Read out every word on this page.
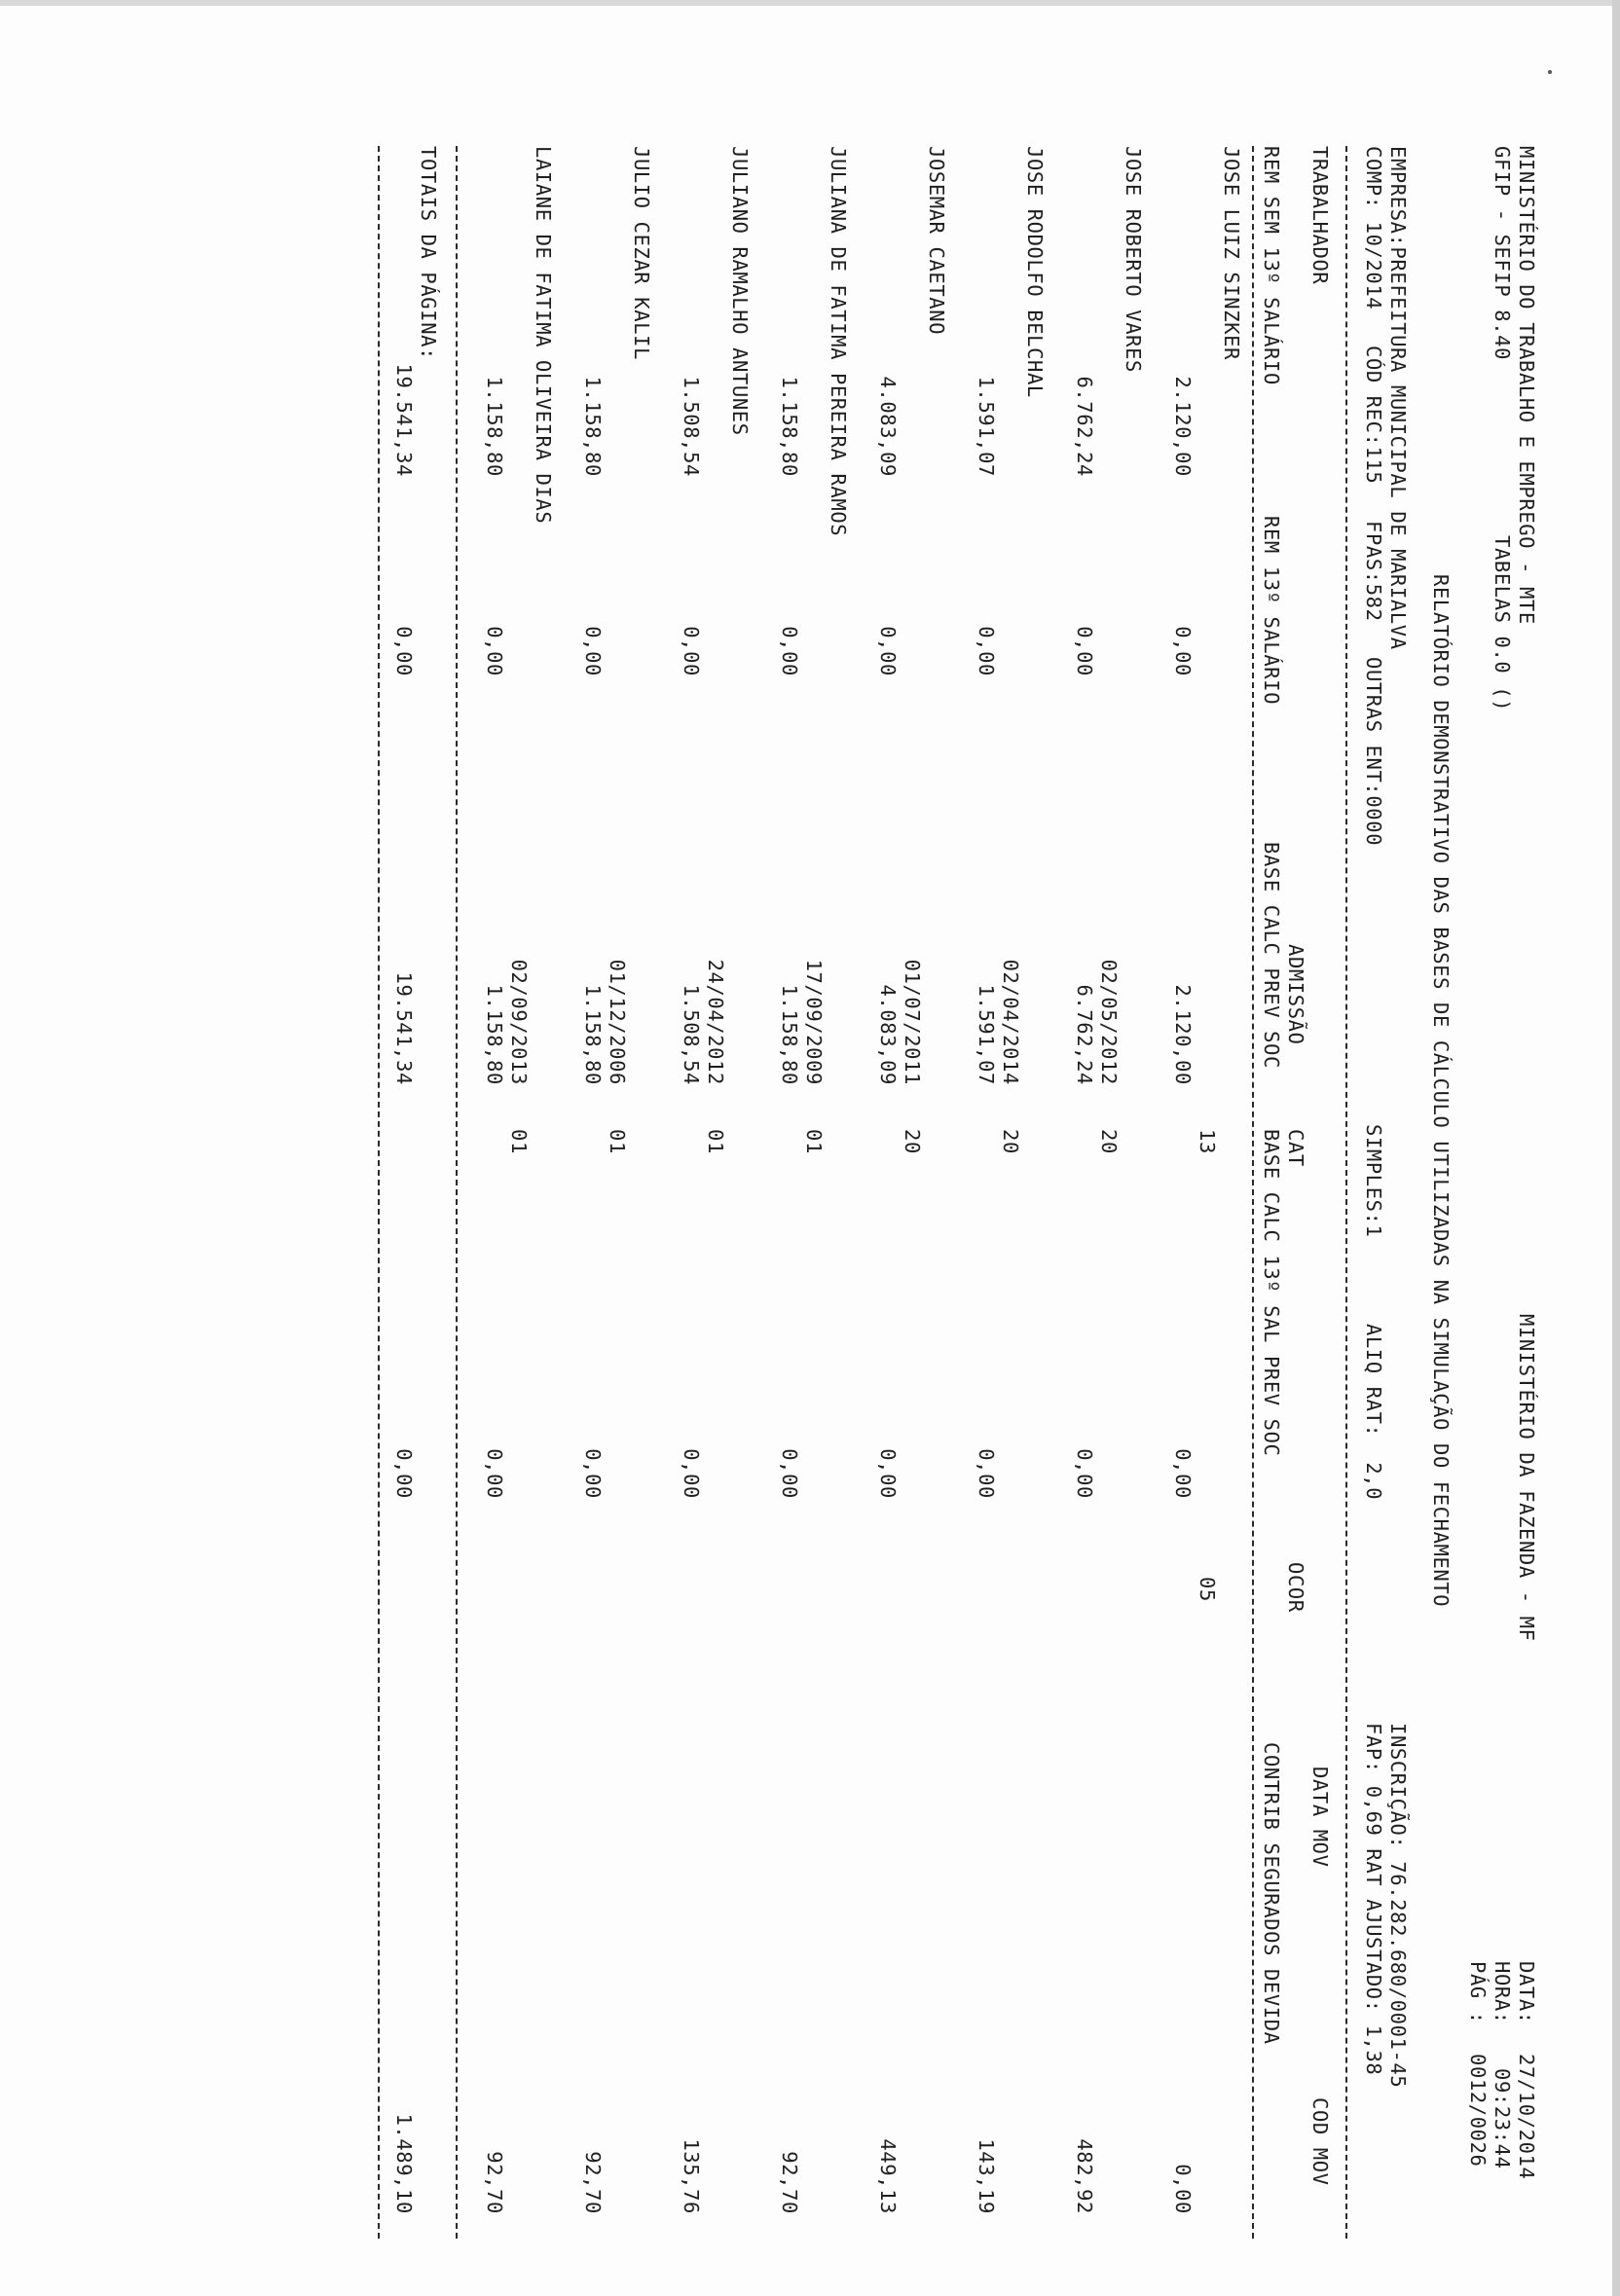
MINISTÉRIO DO TRABALHO E EMPREGO - MTE
MINISTÉRIO DA FAZENDA - MF
DATA:
27/10/2014
GFIP - SEFIP 8.40
TABELAS 0.0 ()
HORA:
09:23:44
PÁG :
0012/0026
RELATÓRIO DEMONSTRATIVO DAS BASES DE CÁLCULO UTILIZADAS NA SIMULAÇÃO DO FECHAMENTO
EMPRESA:PREFEITURA MUNICIPAL DE MARIALVA
INSCRIÇÃO: 76.282.680/0001-45
COMP: 10/2014
CÓD REC:115
FPAS:582
OUTRAS ENT:0000
SIMPLES:1
ALIQ RAT:  2,0
FAP: 0,69 RAT AJUSTADO: 1,38
TRABALHADOR
ADMISSÃO
CAT
OCOR
DATA MOV
COD MOV
REM SEM 13º SALÁRIO
REM 13º SALÁRIO
BASE CALC PREV SOC
BASE CALC 13º SAL PREV SOC
CONTRIB SEGURADOS DEVIDA
JOSE LUIZ SINZKER
13
05
2.120,00
0,00
2.120,00
0,00
0,00
JOSE ROBERTO VARES
20
02/05/2012
6.762,24
0,00
6.762,24
0,00
482,92
JOSE RODOLFO BELCHAL
20
02/04/2014
1.591,07
0,00
1.591,07
0,00
143,19
JOSEMAR CAETANO
20
01/07/2011
4.083,09
0,00
4.083,09
0,00
449,13
JULIANA DE FATIMA PEREIRA RAMOS
01
17/09/2009
1.158,80
0,00
1.158,80
0,00
92,70
JULIANO RAMALHO ANTUNES
01
24/04/2012
1.508,54
0,00
1.508,54
0,00
135,76
JULIO CEZAR KALIL
01
01/12/2006
1.158,80
0,00
1.158,80
0,00
92,70
LAIANE DE FATIMA OLIVEIRA DIAS
01
02/09/2013
1.158,80
0,00
1.158,80
0,00
92,70
TOTAIS DA PÁGINA:
19.541,34
0,00
19.541,34
0,00
1.489,10
